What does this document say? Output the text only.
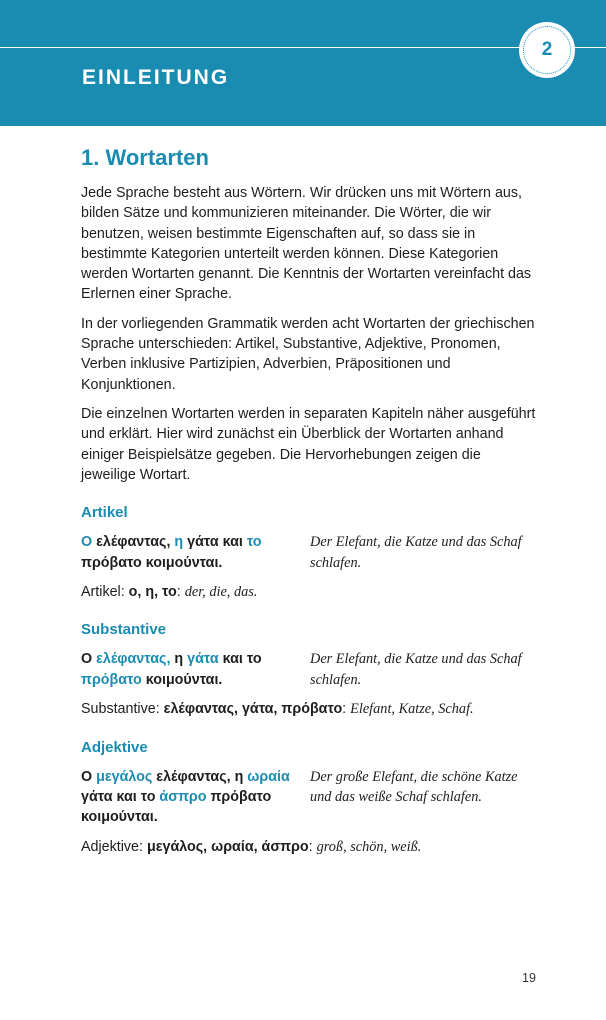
EINLEITUNG
2
1. Wortarten

Jede Sprache besteht aus Wörtern. Wir drücken uns mit Wörtern aus, bilden Sätze und kommunizieren miteinander. Die Wörter, die wir benutzen, weisen bestimmte Eigenschaften auf, so dass sie in bestimmte Kategorien unterteilt werden können. Diese Kategorien werden Wortarten genannt. Die Kenntnis der Wortarten vereinfacht das Erlernen einer Sprache.

In der vorliegenden Grammatik werden acht Wortarten der griechischen Sprache unterschieden: Artikel, Substantive, Adjektive, Pronomen, Verben inklusive Partizipien, Adverbien, Präpositionen und Konjunktionen.

Die einzelnen Wortarten werden in separaten Kapiteln näher ausgeführt und erklärt. Hier wird zunächst ein Überblick der Wortarten anhand einiger Beispielsätze gegeben. Die Hervorhebungen zeigen die jeweilige Wortart.

Artikel
Ο ελέφαντας, η γάτα και το πρόβατο κοιμούνται.
Der Elefant, die Katze und das Schaf schlafen.
Artikel: ο, η, το: der, die, das.
Substantive
Ο ελέφαντας, η γάτα και το πρόβατο κοιμούνται.
Der Elefant, die Katze und das Schaf schlafen.
Substantive: ελέφαντας, γάτα, πρόβατο: Elefant, Katze, Schaf.
Adjektive
Ο μεγάλος ελέφαντας, η ωραία γάτα και το άσπρο πρόβατο κοιμούνται.
Der große Elefant, die schöne Katze und das weiße Schaf schlafen.
Adjektive: μεγάλος, ωραία, άσπρο: groß, schön, weiß.
19
